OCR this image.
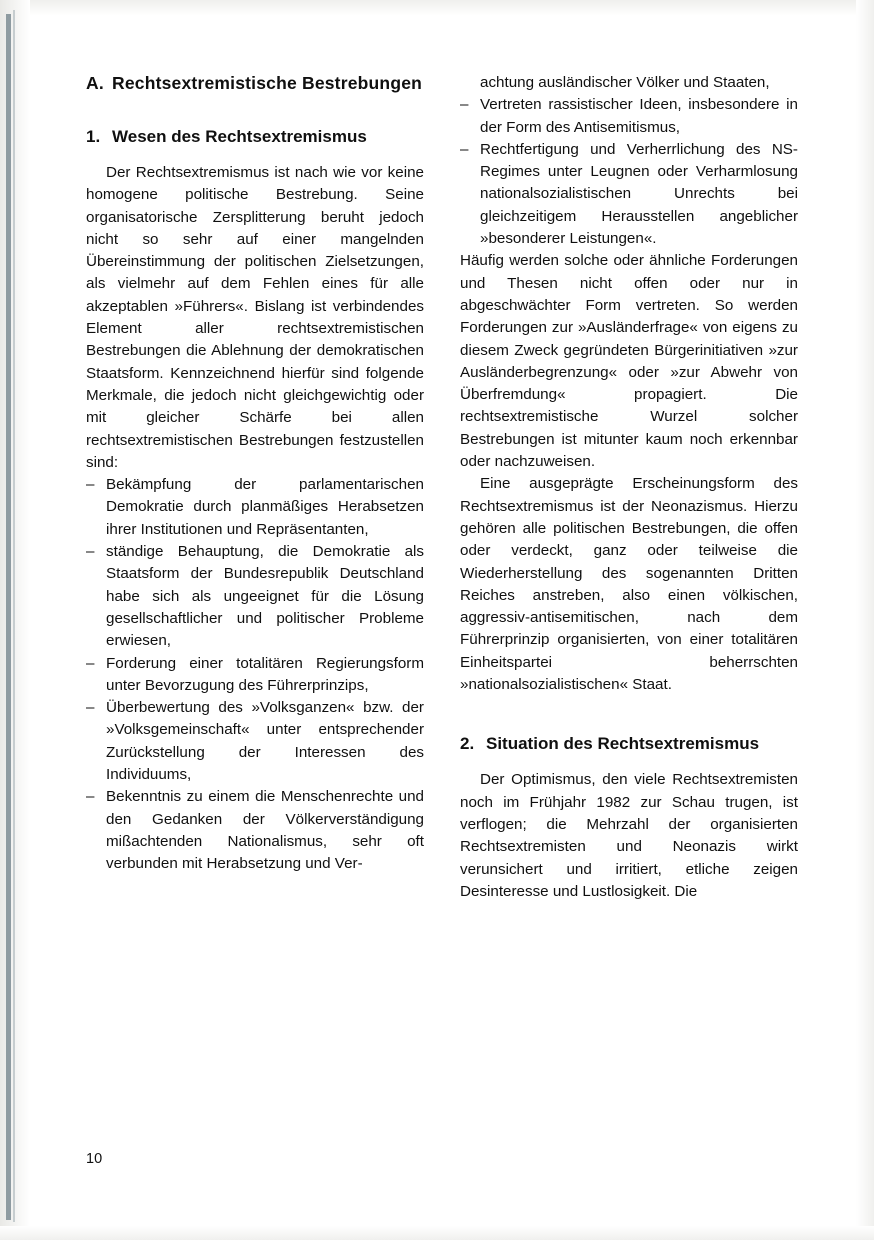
A. Rechtsextremistische Bestrebungen
1. Wesen des Rechtsextremismus

Der Rechtsextremismus ist nach wie vor keine homogene politische Bestrebung. Seine organisatorische Zersplitterung beruht jedoch nicht so sehr auf einer mangelnden Übereinstimmung der politischen Zielsetzungen, als vielmehr auf dem Fehlen eines für alle akzeptablen »Führers«. Bislang ist verbindendes Element aller rechtsextremistischen Bestrebungen die Ablehnung der demokratischen Staatsform. Kennzeichnend hierfür sind folgende Merkmale, die jedoch nicht gleichgewichtig oder mit gleicher Schärfe bei allen rechtsextremistischen Bestrebungen festzustellen sind:

– Bekämpfung der parlamentarischen Demokratie durch planmäßiges Herabsetzen ihrer Institutionen und Repräsentanten,
– ständige Behauptung, die Demokratie als Staatsform der Bundesrepublik Deutschland habe sich als ungeeignet für die Lösung gesellschaftlicher und politischer Probleme erwiesen,
– Forderung einer totalitären Regierungsform unter Bevorzugung des Führerprinzips,
– Überbewertung des »Volksganzen« bzw. der »Volksgemeinschaft« unter entsprechender Zurückstellung der Interessen des Individuums,
– Bekenntnis zu einem die Menschenrechte und den Gedanken der Völkerverständigung mißachtenden Nationalismus, sehr oft verbunden mit Herabsetzung und Ver-
achtung ausländischer Völker und Staaten,
– Vertreten rassistischer Ideen, insbesondere in der Form des Antisemitismus,
– Rechtfertigung und Verherrlichung des NS-Regimes unter Leugnen oder Verharmlosung nationalsozialistischen Unrechts bei gleichzeitigem Herausstellen angeblicher »besonderer Leistungen«.

Häufig werden solche oder ähnliche Forderungen und Thesen nicht offen oder nur in abgeschwächter Form vertreten. So werden Forderungen zur »Ausländerfrage« von eigens zu diesem Zweck gegründeten Bürgerinitiativen »zur Ausländerbegrenzung« oder »zur Abwehr von Überfremdung« propagiert. Die rechtsextremistische Wurzel solcher Bestrebungen ist mitunter kaum noch erkennbar oder nachzuweisen.

Eine ausgeprägte Erscheinungsform des Rechtsextremismus ist der Neonazismus. Hierzu gehören alle politischen Bestrebungen, die offen oder verdeckt, ganz oder teilweise die Wiederherstellung des sogenannten Dritten Reiches anstreben, also einen völkischen, aggressiv-antisemitischen, nach dem Führerprinzip organisierten, von einer totalitären Einheitspartei beherrschten »nationalsozialistischen« Staat.

2. Situation des Rechtsextremismus

Der Optimismus, den viele Rechtsextremisten noch im Frühjahr 1982 zur Schau trugen, ist verflogen; die Mehrzahl der organisierten Rechtsextremisten und Neonazis wirkt verunsichert und irritiert, etliche zeigen Desinteresse und Lustlosigkeit. Die

10
